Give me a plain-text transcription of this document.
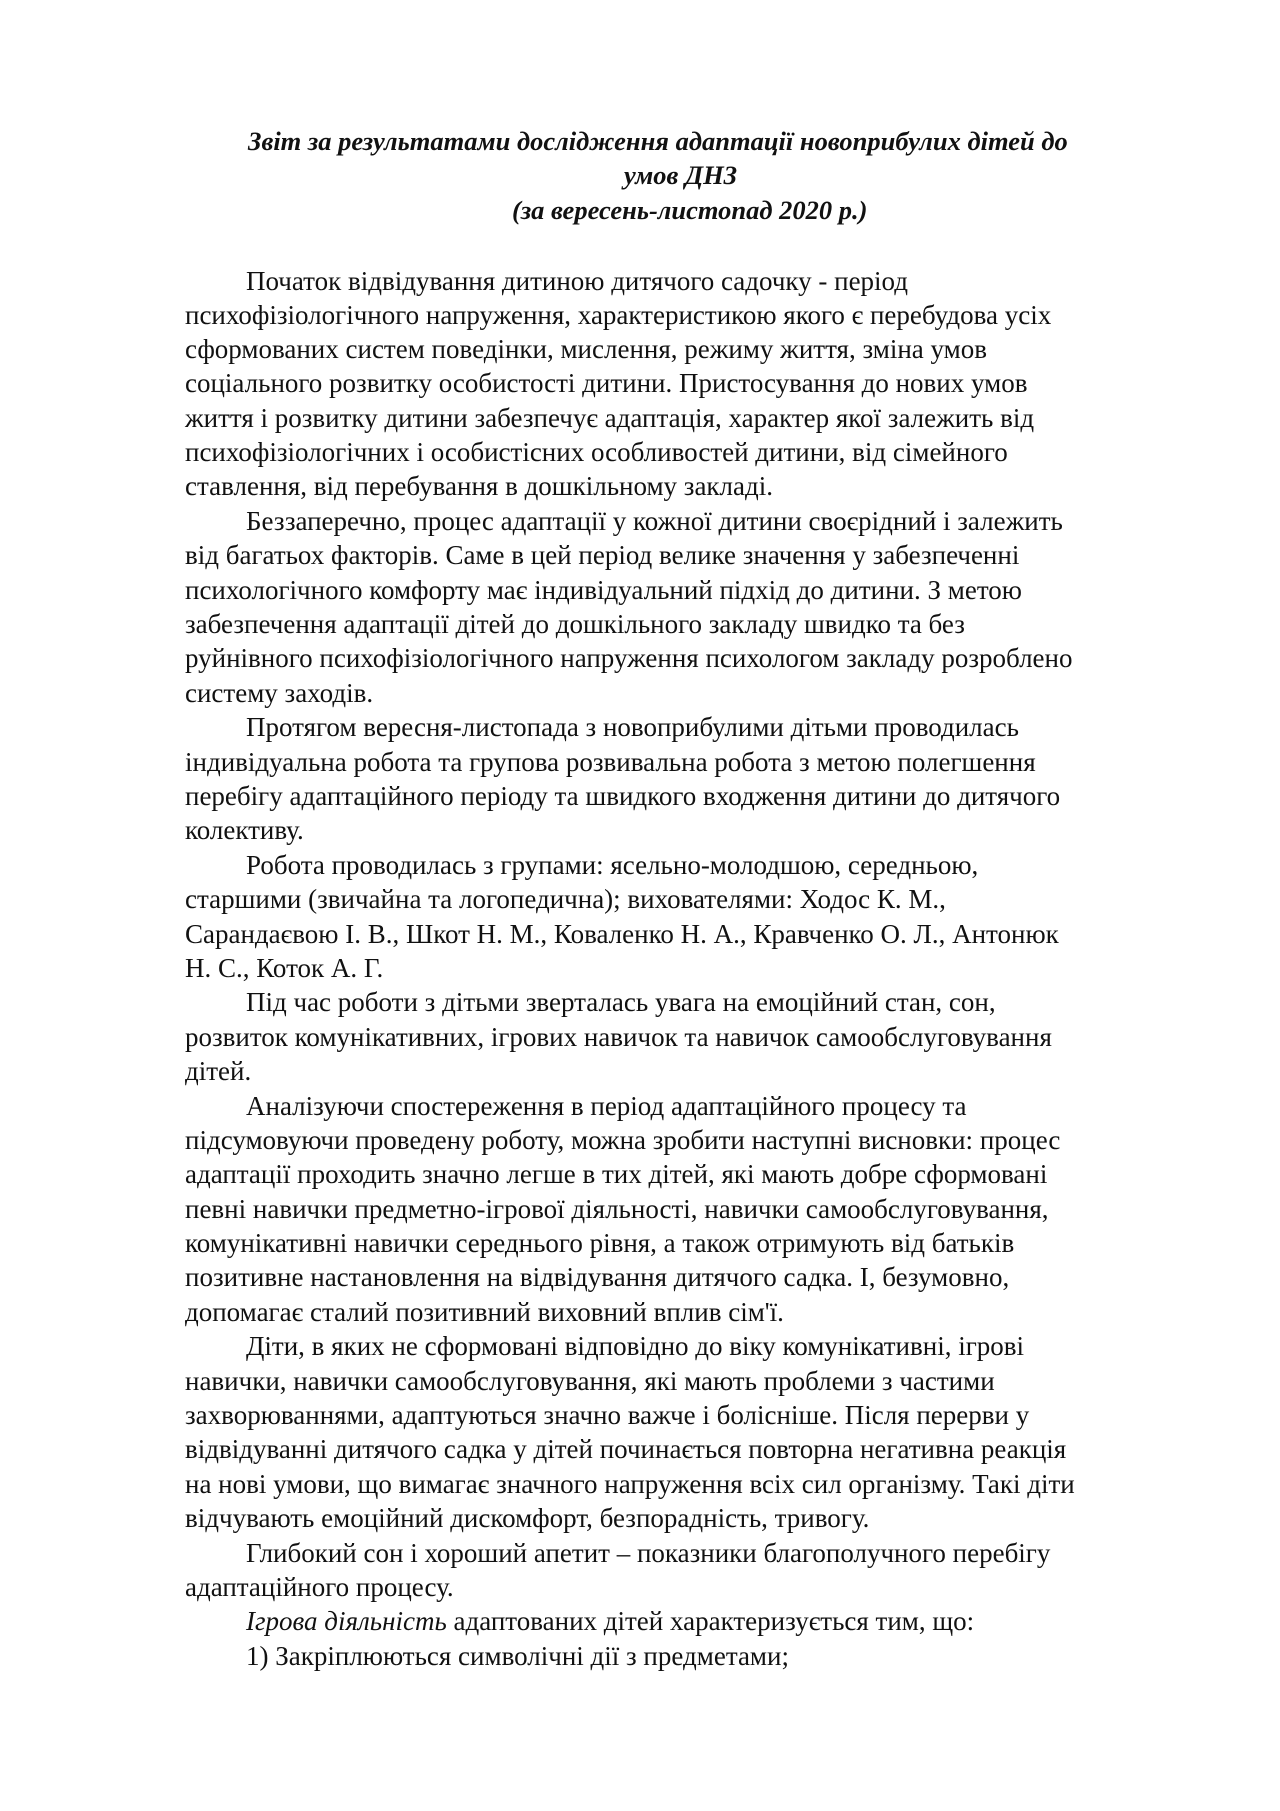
Звіт за результатами дослідження адаптації новоприбулих дітей до

умов ДНЗ

(за вересень-листопад 2020 р.)

Початок відвідування дитиною дитячого садочку - період

психофізіологічного напруження, характеристикою якого є перебудова усіх

сформованих систем поведінки, мислення, режиму життя, зміна умов

соціального розвитку особистості дитини. Пристосування до нових умов

життя і розвитку дитини забезпечує адаптація, характер якої залежить від

психофізіологічних і особистісних особливостей дитини, від сімейного

ставлення, від перебування в дошкільному закладі.

Беззаперечно, процес адаптації у кожної дитини своєрідний і залежить

від багатьох факторів. Саме в цей період велике значення у забезпеченні

психологічного комфорту має індивідуальний підхід до дитини. З метою

забезпечення адаптації дітей до дошкільного закладу швидко та без

руйнівного психофізіологічного напруження психологом закладу розроблено

систему заходів.

Протягом вересня-листопада з новоприбулими дітьми проводилась

індивідуальна робота та групова розвивальна робота з метою полегшення

перебігу адаптаційного періоду та швидкого входження дитини до дитячого

колективу.

Робота проводилась з групами: ясельно-молодшою, середньою,

старшими (звичайна та логопедична); вихователями: Ходос К. М.,

Сарандаєвою І. В., Шкот Н. М., Коваленко Н. А., Кравченко О. Л., Антонюк

Н. С., Коток А. Г.

Під час роботи з дітьми зверталась увага на емоційний стан, сон,

розвиток комунікативних, ігрових навичок та навичок самообслуговування

дітей.

Аналізуючи спостереження в період адаптаційного процесу та

підсумовуючи проведену роботу, можна зробити наступні висновки: процес

адаптації проходить значно легше в тих дітей, які мають добре сформовані

певні навички предметно-ігрової діяльності, навички самообслуговування,

комунікативні навички середнього рівня, а також отримують від батьків

позитивне настановлення на відвідування дитячого садка. І, безумовно,

допомагає сталий позитивний виховний вплив сім'ї.

Діти, в яких не сформовані відповідно до віку комунікативні, ігрові

навички, навички самообслуговування, які мають проблеми з частими

захворюваннями, адаптуються значно важче і болісніше. Після перерви у

відвідуванні дитячого садка у дітей починається повторна негативна реакція

на нові умови, що вимагає значного напруження всіх сил організму. Такі діти

відчувають емоційний дискомфорт, безпорадність, тривогу.

Глибокий сон і хороший апетит – показники благополучного перебігу

адаптаційного процесу.

Ігрова діяльність адаптованих дітей характеризується тим, що:

1) Закріплюються символічні дії з предметами;
